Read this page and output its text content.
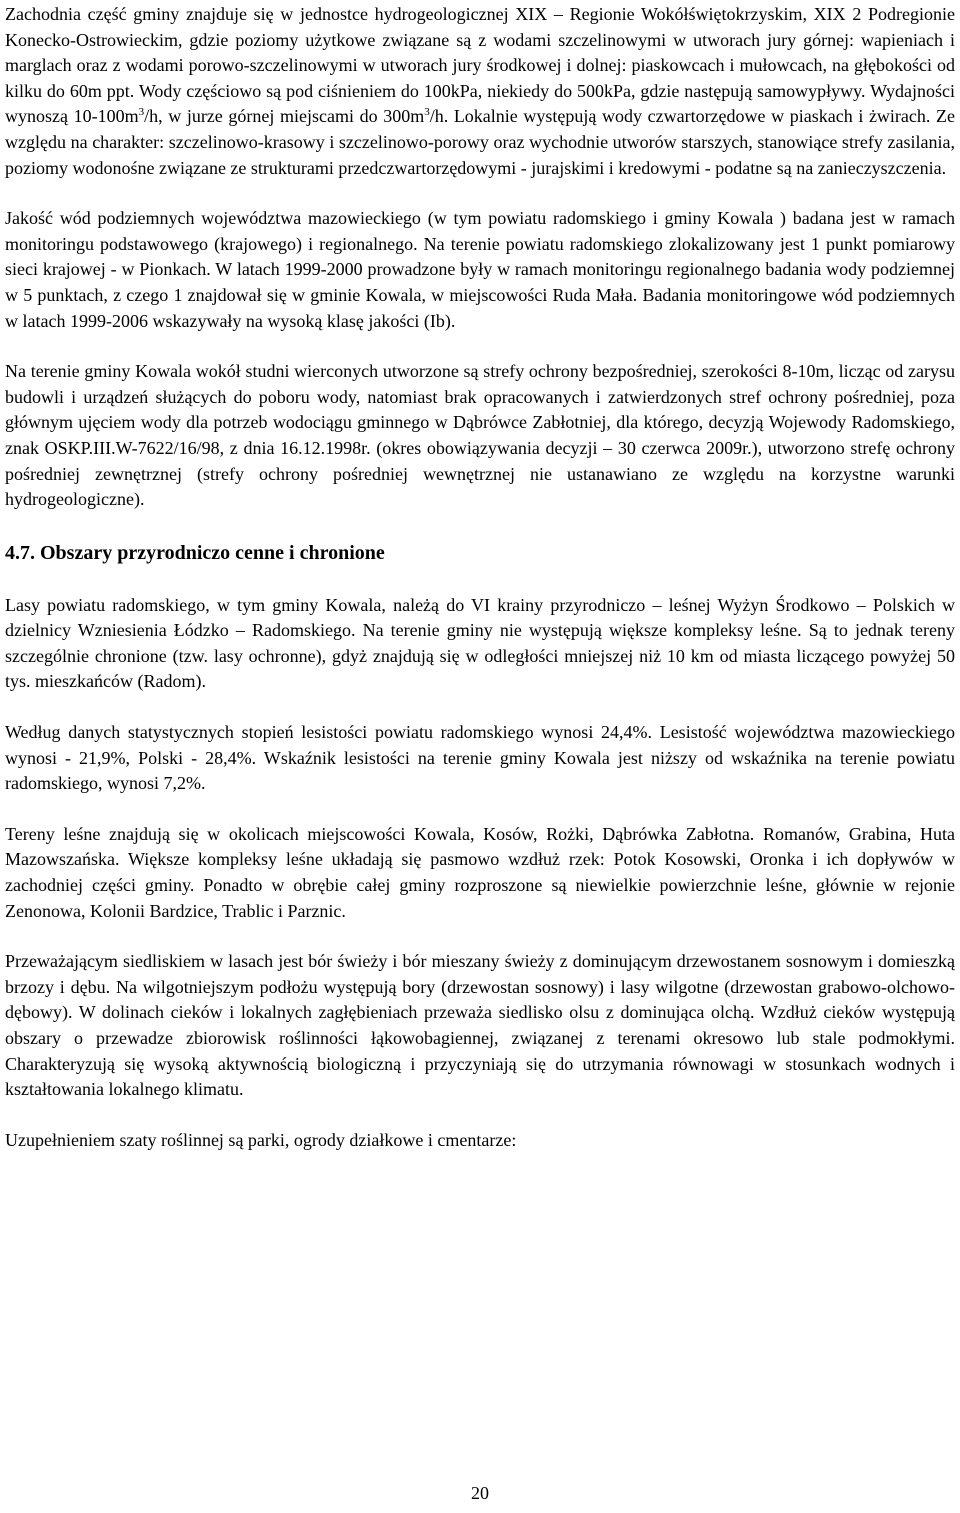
Zachodnia część gminy znajduje się w jednostce hydrogeologicznej XIX – Regionie Wokółświętokrzyskim, XIX 2 Podregionie Konecko-Ostrowieckim, gdzie poziomy użytkowe związane są z wodami szczelinowymi w utworach jury górnej: wapieniach i marglach oraz z wodami porowo-szczelinowymi w utworach jury środkowej i dolnej: piaskowcach i mułowcach, na głębokości od kilku do 60m ppt. Wody częściowo są pod ciśnieniem do 100kPa, niekiedy do 500kPa, gdzie następują samowypływy. Wydajności wynoszą $10-100m^3/h$, w jurze górnej miejscami do $300m^3/h$. Lokalnie występują wody czwartorzędowe w piaskach i żwirach. Ze względu na charakter: szczelinowo-krasowy i szczelinowo-porowy oraz wychodnie utworów starszych, stanowiące strefy zasilania, poziomy wodonośne związane ze strukturami przedczwartorzędowymi - jurajskimi i kredowymi - podatne są na zanieczyszczenia.

Jakość wód podziemnych województwa mazowieckiego (w tym powiatu radomskiego i gminy Kowala ) badana jest w ramach monitoringu podstawowego (krajowego) i regionalnego. Na terenie powiatu radomskiego zlokalizowany jest 1 punkt pomiarowy sieci krajowej - w Pionkach. W latach 1999-2000 prowadzone były w ramach monitoringu regionalnego badania wody podziemnej w 5 punktach, z czego 1 znajdował się w gminie Kowala, w miejscowości Ruda Mała. Badania monitoringowe wód podziemnych w latach 1999-2006 wskazywały na wysoką klasę jakości (Ib).

Na terenie gminy Kowala wokół studni wierconych utworzone są strefy ochrony bezpośredniej, szerokości 8-10m, licząc od zarysu budowli i urządzeń służących do poboru wody, natomiast brak opracowanych i zatwierdzonych stref ochrony pośredniej, poza głównym ujęciem wody dla potrzeb wodociągu gminnego w Dąbrówce Zabłotniej, dla którego, decyzją Wojewody Radomskiego, znak OSKP.III.W-7622/16/98, z dnia 16.12.1998r. (okres obowiązywania decyzji – 30 czerwca 2009r.), utworzono strefę ochrony pośredniej zewnętrznej (strefy ochrony pośredniej wewnętrznej nie ustanawiano ze względu na korzystne warunki hydrogeologiczne).

4.7. Obszary przyrodniczo cenne i chronione

Lasy powiatu radomskiego, w tym gminy Kowala, należą do VI krainy przyrodniczo – leśnej Wyżyn Środkowo – Polskich w dzielnicy Wzniesienia Łódzko – Radomskiego. Na terenie gminy nie występują większe kompleksy leśne. Są to jednak tereny szczególnie chronione (tzw. lasy ochronne), gdyż znajdują się w odległości mniejszej niż 10 km od miasta liczącego powyżej 50 tys. mieszkańców (Radom).

Według danych statystycznych stopień lesistości powiatu radomskiego wynosi 24,4%. Lesistość województwa mazowieckiego wynosi - 21,9%, Polski - 28,4%. Wskaźnik lesistości na terenie gminy Kowala jest niższy od wskaźnika na terenie powiatu radomskiego, wynosi 7,2%.

Tereny leśne znajdują się w okolicach miejscowości Kowala, Kosów, Rożki, Dąbrówka Zabłotna. Romanów, Grabina, Huta Mazowszańska. Większe kompleksy leśne układają się pasmowo wzdłuż rzek: Potok Kosowski, Oronka i ich dopływów w zachodniej części gminy. Ponadto w obrębie całej gminy rozproszone są niewielkie powierzchnie leśne, głównie w rejonie Zenonowa, Kolonii Bardzice, Trablic i Parznic.

Przeważającym siedliskiem w lasach jest bór świeży i bór mieszany świeży z dominującym drzewostanem sosnowym i domieszką brzozy i dębu. Na wilgotniejszym podłożu występują bory (drzewostan sosnowy) i lasy wilgotne (drzewostan grabowo-olchowo-dębowy). W dolinach cieków i lokalnych zagłębieniach przeważa siedlisko olsu z dominująca olchą. Wzdłuż cieków występują obszary o przewadze zbiorowisk roślinności łąkowobagiennej, związanej z terenami okresowo lub stale podmokłymi. Charakteryzują się wysoką aktywnością biologiczną i przyczyniają się do utrzymania równowagi w stosunkach wodnych i kształtowania lokalnego klimatu.

Uzupełnieniem szaty roślinnej są parki, ogrody działkowe i cmentarze:

20
